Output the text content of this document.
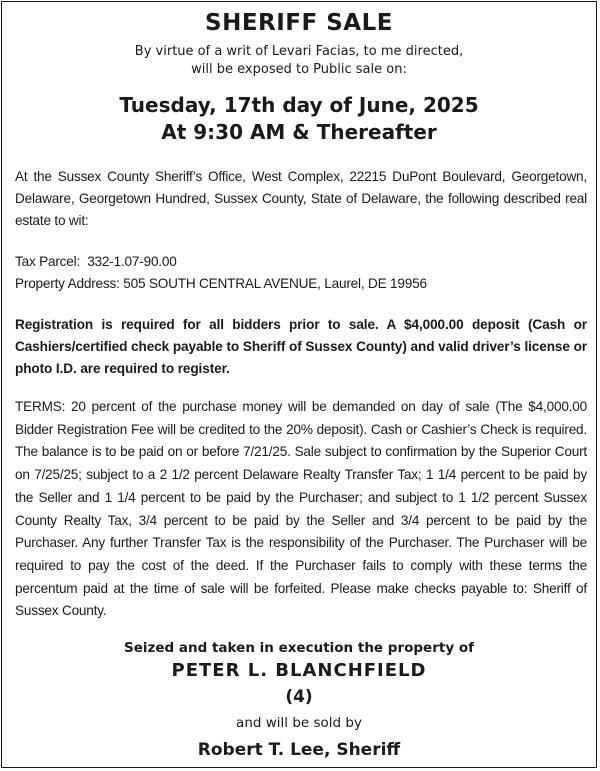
SHERIFF SALE
By virtue of a writ of Levari Facias, to me directed,
will be exposed to Public sale on:
Tuesday, 17th day of June, 2025
At 9:30 AM & Thereafter
At the Sussex County Sheriff’s Office, West Complex, 22215 DuPont Boulevard, Georgetown, Delaware, Georgetown Hundred, Sussex County, State of Delaware, the following described real estate to wit:
Tax Parcel:  332-1.07-90.00
Property Address: 505 SOUTH CENTRAL AVENUE, Laurel, DE 19956
Registration is required for all bidders prior to sale. A $4,000.00 deposit (Cash or Cashiers/certified check payable to Sheriff of Sussex County) and valid driver’s license or photo I.D. are required to register.
TERMS: 20 percent of the purchase money will be demanded on day of sale (The $4,000.00 Bidder Registration Fee will be credited to the 20% deposit). Cash or Cashier’s Check is required. The balance is to be paid on or before 7/21/25. Sale subject to confirmation by the Superior Court on 7/25/25; subject to a 2 1/2 percent Delaware Realty Transfer Tax; 1 1/4 percent to be paid by the Seller and 1 1/4 percent to be paid by the Purchaser; and subject to 1 1/2 percent Sussex County Realty Tax, 3/4 percent to be paid by the Seller and 3/4 percent to be paid by the Purchaser. Any further Transfer Tax is the responsibility of the Purchaser. The Purchaser will be required to pay the cost of the deed. If the Purchaser fails to comply with these terms the percentum paid at the time of sale will be forfeited. Please make checks payable to: Sheriff of Sussex County.
Seized and taken in execution the property of
PETER L. BLANCHFIELD
(4)
and will be sold by
Robert T. Lee, Sheriff
